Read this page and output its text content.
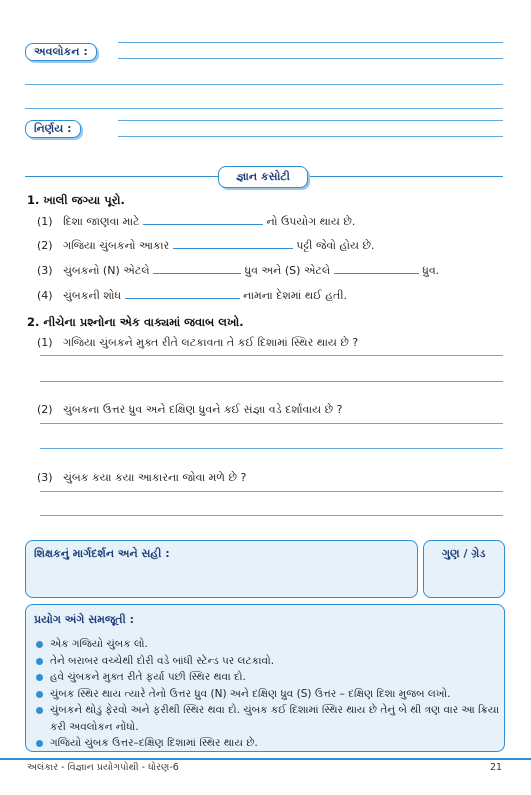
અવલોકન :
નિર્ણય :
જ્ઞાન કસોટી
1. ખાલી જગ્યા પૂરો.
(1) દિશા જાણવા માટે	નો ઉપયોગ થાય છે.
(2) ગજિયા ચુંબકનો આકાર	પટ્ટી જેવો હોય છે.
(3) ચુંબકનો (N) એટલે	ધ્રુવ અને (S) એટલે	ધ્રુવ.
(4) ચુંબકની શોધ	નામના દેશમાં થઈ હતી.
2. નીચેના પ્રશ્નોના એક વાક્યમાં જવાબ લખો.
(1) ગજિયા ચુંબકને મુક્ત રીતે લટકાવતા તે કઈ દિશામાં સ્થિર થાય છે ?
(2) ચુંબકના ઉત્તર ધ્રુવ અને દક્ષિણ ધ્રુવને કઈ સંજ્ઞા વડે દર્શાવાય છે ?
(3) ચુંબક કયા કયા આકારના જોવા મળે છે ?
શિક્ષકનું માર્ગદર્શન અને સહી :	ગુણ / ગ્રેડ
પ્રયોગ અંગે સમજૂતી :
એક ગજિયો ચુંબક લો.
તેને બરાબર વચ્ચેથી દોરી વડે બાંધી સ્ટેન્ડ પર લટકાવો.
હવે ચુંબકને મુક્ત રીતે ફર્યા પછી સ્થિર થવા દો.
ચુંબક સ્થિર થાય ત્યારે તેનો ઉત્તર ધ્રુવ (N) અને દક્ષિણ ધ્રુવ (S) ઉત્તર – દક્ષિણ દિશા મુજબ લખો.
ચુંબકને થોડું ફેરવો અને ફરીથી સ્થિર થવા દો. ચુંબક કઈ દિશામાં સ્થિર થાય છે તેનું બે થી ત્રણ વાર આ ક્રિયા કરી અવલોકન નોંધો.
ગજિયો ચુંબક ઉત્તર–દક્ષિણ દિશામાં સ્થિર થાય છે.
અલંકાર - વિજ્ઞાન પ્રયોગપોથી - ધોરણ-6	21
